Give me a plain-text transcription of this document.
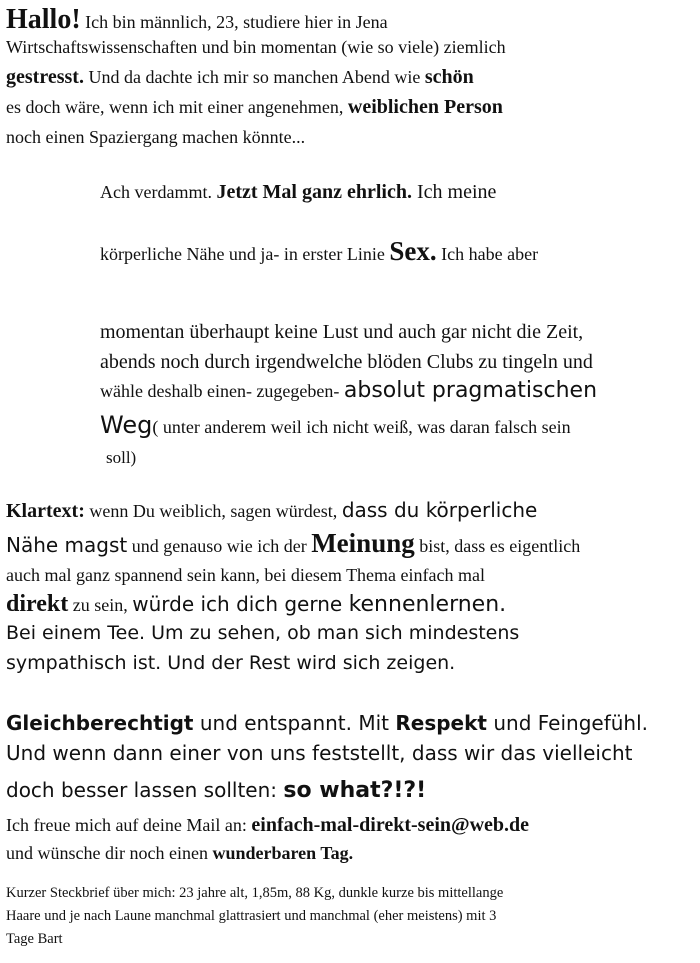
Hallo! Ich bin männlich, 23, studiere hier in Jena
Wirtschaftswissenschaften und bin momentan (wie so viele) ziemlich
gestresst. Und da dachte ich mir so manchen Abend wie schön
es doch wäre, wenn ich mit einer angenehmen, weiblichen Person
noch einen Spaziergang machen könnte...
Ach verdammt. Jetzt Mal ganz ehrlich. Ich meine
körperliche Nähe und ja- in erster Linie Sex. Ich habe aber
momentan überhaupt keine Lust und auch gar nicht die Zeit,
abends noch durch irgendwelche blöden Clubs zu tingeln und
wähle deshalb einen- zugegeben- absolut pragmatischen
Weg( unter anderem weil ich nicht weiß, was daran falsch sein
soll)
Klartext: wenn Du weiblich, sagen würdest, dass du körperliche
Nähe magst und genauso wie ich der Meinung bist, dass es eigentlich
auch mal ganz spannend sein kann, bei diesem Thema einfach mal
direkt zu sein, würde ich dich gerne kennenlernen.
Bei einem Tee. Um zu sehen, ob man sich mindestens
sympathisch ist. Und der Rest wird sich zeigen.
Gleichberechtigt und entspannt. Mit Respekt und Feingefühl.
Und wenn dann einer von uns feststellt, dass wir das vielleicht
doch besser lassen sollten: so what?!?!
Ich freue mich auf deine Mail an: einfach-mal-direkt-sein@web.de
und wünsche dir noch einen wunderbaren Tag.
Kurzer Steckbrief über mich: 23 jahre alt, 1,85m, 88 Kg, dunkle kurze bis mittellange
Haare und je nach Laune manchmal glattrasiert und manchmal (eher meistens) mit 3
Tage Bart
